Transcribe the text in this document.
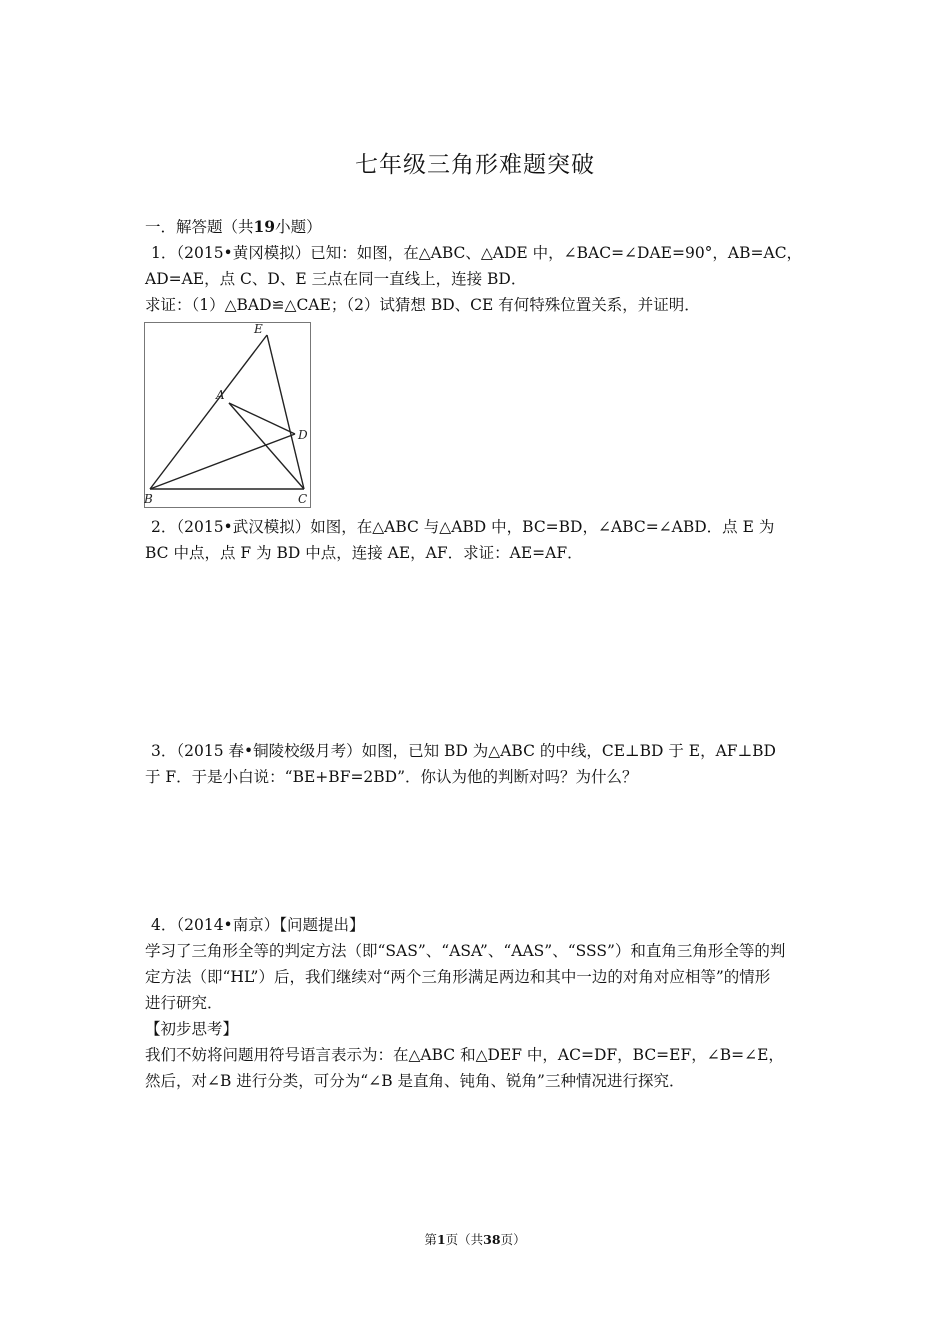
七年级三角形难题突破
一．解答题（共19小题）
1．（2015•黄冈模拟）已知：如图，在△ABC、△ADE 中，∠BAC=∠DAE=90°，AB=AC，
AD=AE，点 C、D、E 三点在同一直线上，连接 BD．
求证：（1）△BAD≌△CAE；（2）试猜想 BD、CE 有何特殊位置关系，并证明．
E
A
D
B	C
2．（2015•武汉模拟）如图，在△ABC 与△ABD 中，BC=BD，∠ABC=∠ABD．点 E 为
BC 中点，点 F 为 BD 中点，连接 AE，AF．求证：AE=AF．
3．（2015 春•铜陵校级月考）如图，已知 BD 为△ABC 的中线，CE⊥BD 于 E，AF⊥BD
于 F．于是小白说：“BE+BF=2BD”．你认为他的判断对吗？为什么？
4．（2014•南京）【问题提出】
学习了三角形全等的判定方法（即“SAS”、“ASA”、“AAS”、“SSS”）和直角三角形全等的判
定方法（即“HL”）后，我们继续对“两个三角形满足两边和其中一边的对角对应相等”的情形
进行研究．
【初步思考】
我们不妨将问题用符号语言表示为：在△ABC 和△DEF 中，AC=DF，BC=EF，∠B=∠E，
然后，对∠B 进行分类，可分为“∠B 是直角、钝角、锐角”三种情况进行探究．
第1页（共38页）
